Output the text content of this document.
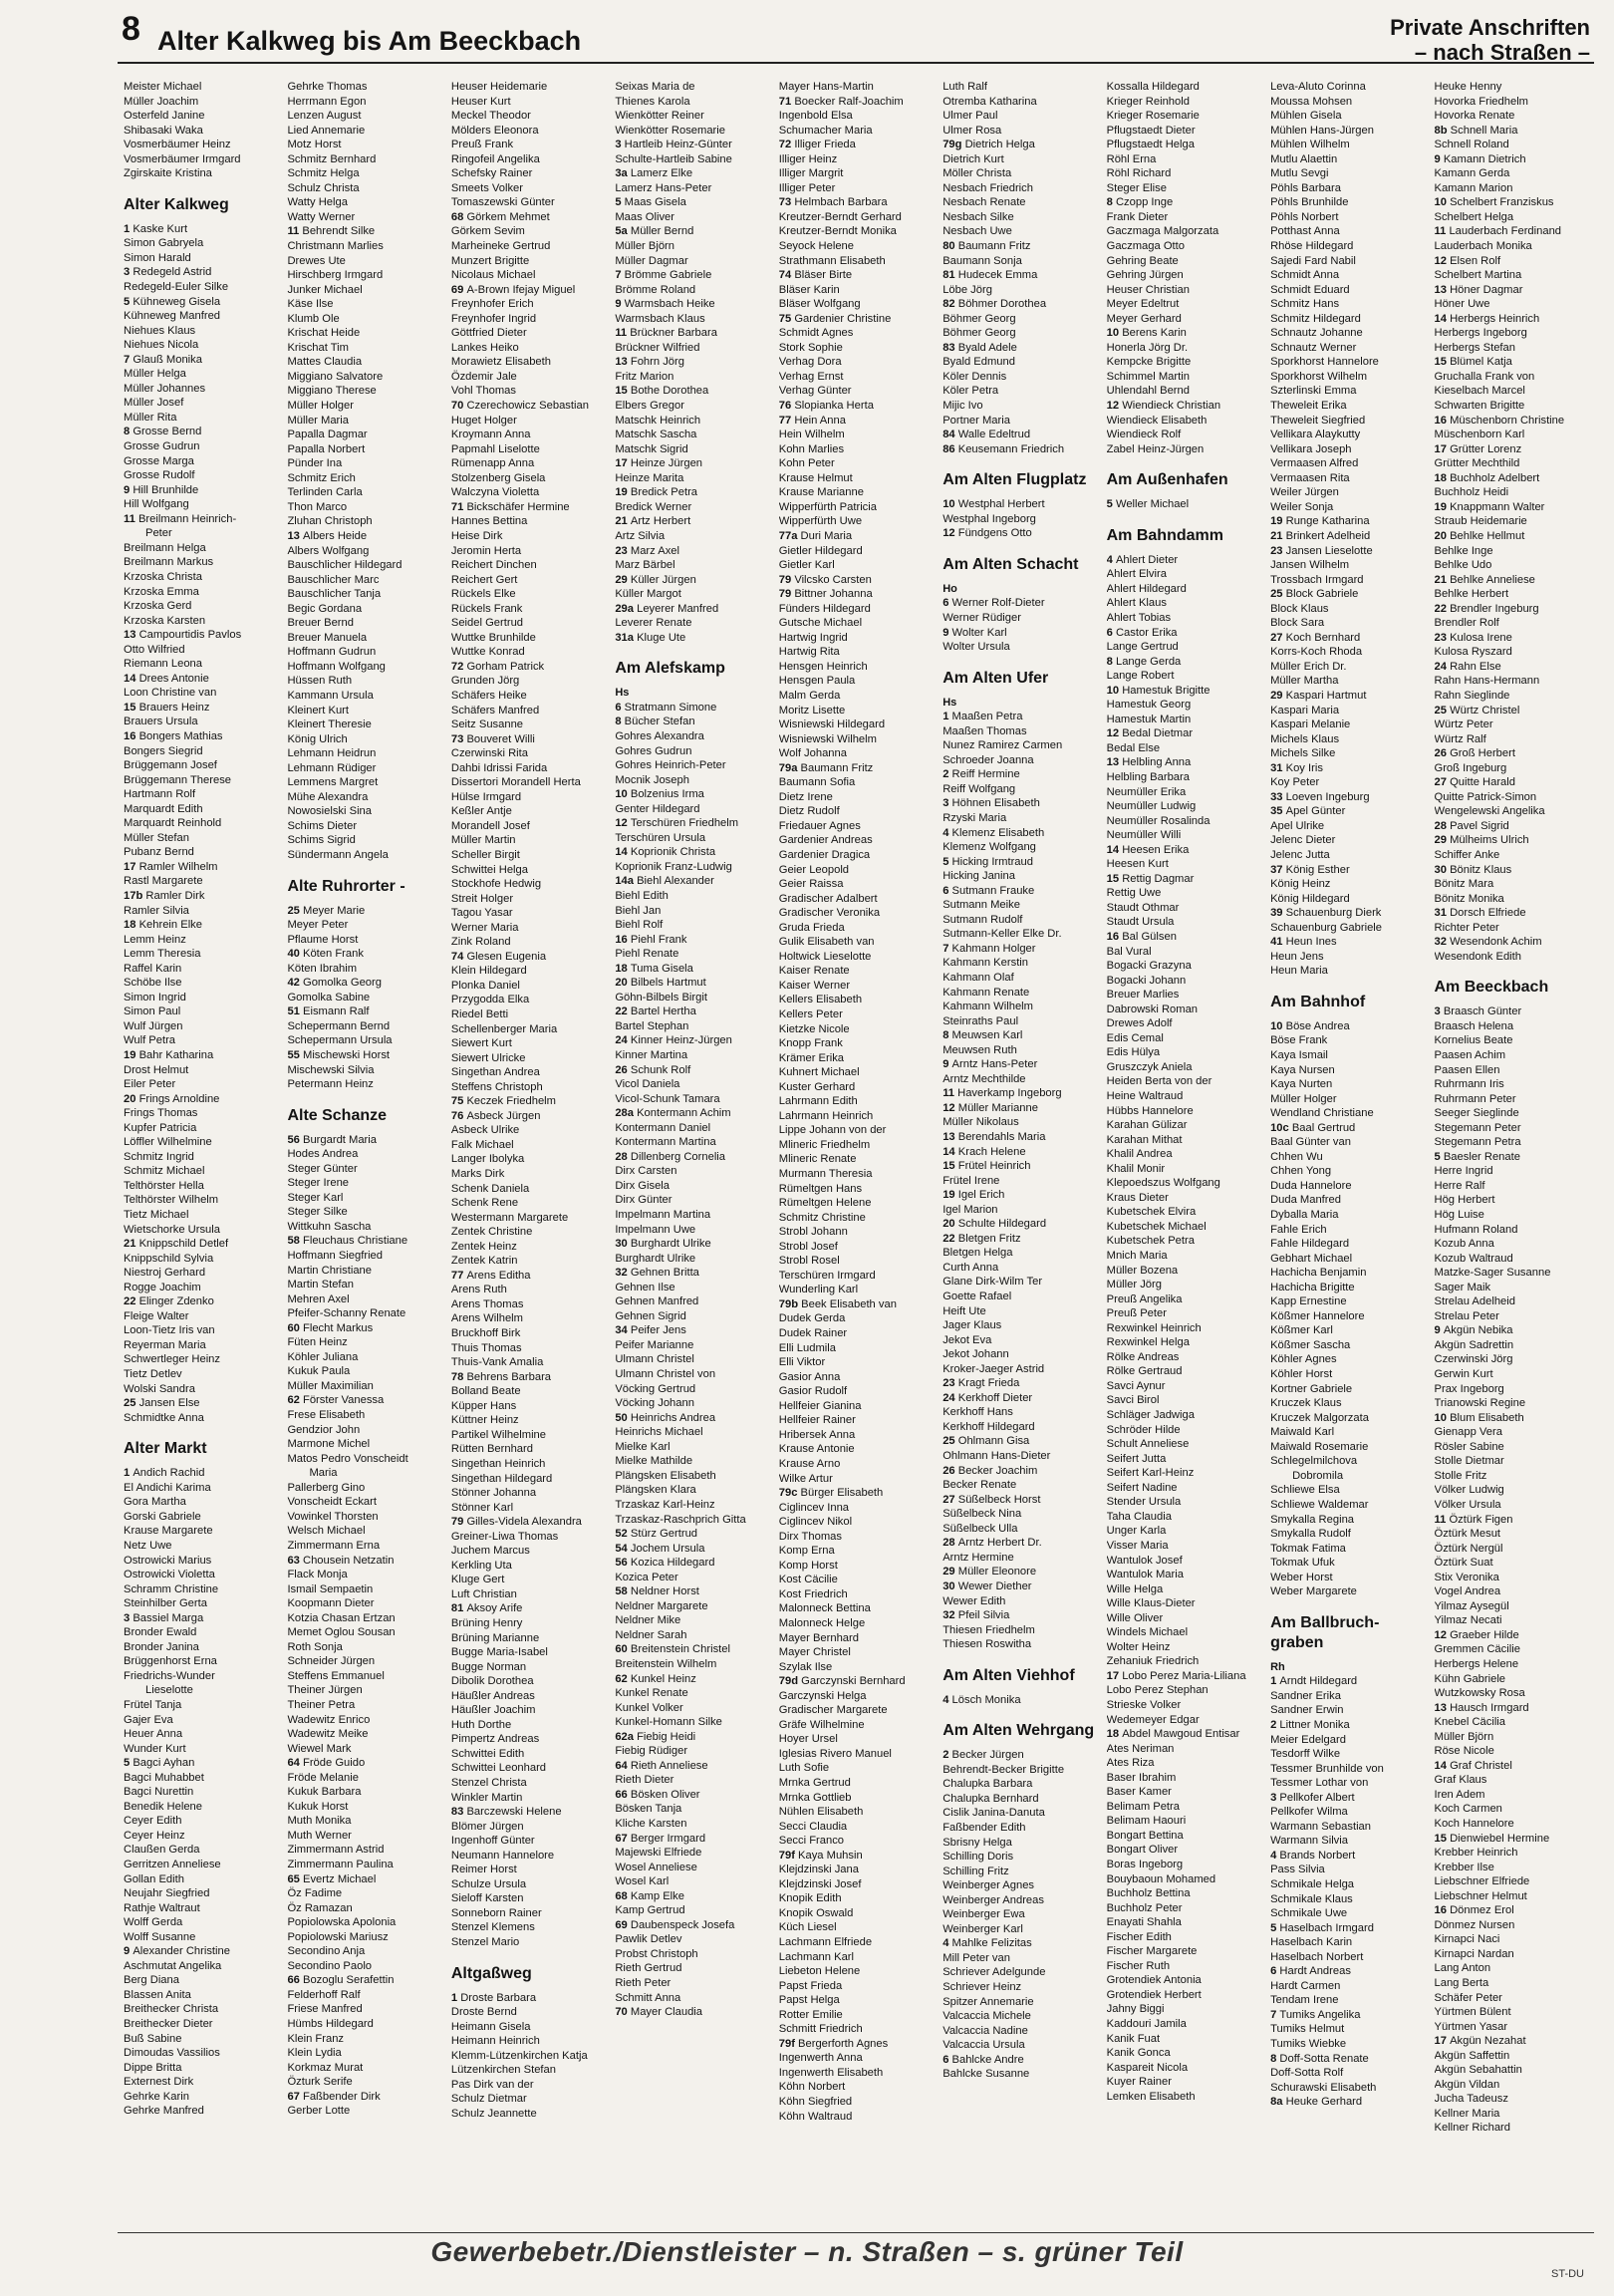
8 Alter Kalkweg bis Am Beeckbach	Private Anschriften
– nach Straßen –
Meister Michael
Müller Joachim
Osterfeld Janine
Shibasaki Waka
Vosmerbäumer Heinz
Vosmerbäumer Irmgard
Zgirskaite Kristina
Alter Kalkweg
1 Kaske Kurt
Simon Gabryela
Simon Harald
3 Redegeld Astrid
Redegeld-Euler Silke
5 Kühneweg Gisela
Kühneweg Manfred
Niehues Klaus
Niehues Nicola
7 Glauß Monika
Müller Helga
Müller Johannes
Müller Josef
Müller Rita
8 Grosse Bernd
Grosse Gudrun
Grosse Marga
Grosse Rudolf
9 Hill Brunhilde
Hill Wolfgang
11 Breilmann Heinrich-
Peter
Breilmann Helga
Breilmann Markus
Krzoska Christa
Krzoska Emma
Krzoska Gerd
Krzoska Karsten
13 Campourtidis Pavlos
Otto Wilfried
Riemann Leona
14 Drees Antonie
Loon Christine van
15 Brauers Heinz
Brauers Ursula
16 Bongers Mathias
Bongers Siegrid
Brüggemann Josef
Brüggemann Therese
Hartmann Rolf
Marquardt Edith
Marquardt Reinhold
Müller Stefan
Pubanz Bernd
17 Ramler Wilhelm
Rastl Margarete
17b Ramler Dirk
Ramler Silvia
18 Kehrein Elke
Lemm Heinz
Lemm Theresia
Raffel Karin
Schöbe Ilse
Simon Ingrid
Simon Paul
Wulf Jürgen
Wulf Petra
19 Bahr Katharina
Drost Helmut
Eiler Peter
20 Frings Arnoldine
Frings Thomas
Kupfer Patricia
Löffler Wilhelmine
Schmitz Ingrid
Schmitz Michael
Telthörster Hella
Telthörster Wilhelm
Tietz Michael
Wietschorke Ursula
21 Knippschild Detlef
Knippschild Sylvia
Niestroj Gerhard
Rogge Joachim
22 Elinger Zdenko
Fleige Walter
Loon-Tietz Iris van
Reyerman Maria
Schwertleger Heinz
Tietz Detlev
Wolski Sandra
25 Jansen Else
Schmidtke Anna
Alter Markt
1 Andich Rachid
El Andichi Karima
Gora Martha
Gorski Gabriele
Krause Margarete
Netz Uwe
Ostrowicki Marius
Ostrowicki Violetta
Schramm Christine
Steinhilber Gerta
3 Bassiel Marga
Bronder Ewald
Bronder Janina
Brüggenhorst Erna
Friedrichs-Wunder
Lieselotte
Frütel Tanja
Gajer Eva
Heuer Anna
Wunder Kurt
5 Bagci Ayhan
Bagci Muhabbet
Bagci Nurettin
Benedik Helene
Ceyer Edith
Ceyer Heinz
Claußen Gerda
Gerritzen Anneliese
Gollan Edith
Neujahr Siegfried
Rathje Waltraut
Wolff Gerda
Wolff Susanne
9 Alexander Christine
Aschmutat Angelika
Berg Diana
Blassen Anita
Breithecker Christa
Breithecker Dieter
Buß Sabine
Dimoudas Vassilios
Dippe Britta
Externest Dirk
Gehrke Karin
Gehrke Manfred
Gehrke Thomas
Herrmann Egon
Lenzen August
Lied Annemarie
Motz Horst
Schmitz Bernhard
Schmitz Helga
Schulz Christa
Watty Helga
Watty Werner
11 Behrendt Silke
Christmann Marlies
Drewes Ute
Hirschberg Irmgard
Junker Michael
Käse Ilse
Klumb Ole
Krischat Heide
Krischat Tim
Mattes Claudia
Miggiano Salvatore
Miggiano Therese
Müller Holger
Müller Maria
Papalla Dagmar
Papalla Norbert
Pünder Ina
Schmitz Erich
Terlinden Carla
Thon Marco
Zluhan Christoph
13 Albers Heide
Albers Wolfgang
Bauschlicher Hildegard
Bauschlicher Marc
Bauschlicher Tanja
Begic Gordana
Breuer Bernd
Breuer Manuela
Hoffmann Gudrun
Hoffmann Wolfgang
Hüssen Ruth
Kammann Ursula
Kleinert Kurt
Kleinert Theresie
König Ulrich
Lehmann Heidrun
Lehmann Rüdiger
Lemmens Margret
Mühe Alexandra
Nowosielski Sina
Schims Dieter
Schims Sigrid
Sündermann Angela
Alte Ruhrorter -
25 Meyer Marie
Meyer Peter
Pflaume Horst
40 Köten Frank
Köten Ibrahim
42 Gomolka Georg
Gomolka Sabine
51 Eismann Ralf
Schepermann Bernd
Schepermann Ursula
55 Mischewski Horst
Mischewski Silvia
Petermann Heinz
Alte Schanze
56 Burgardt Maria
Hodes Andrea
Steger Günter
Steger Irene
Steger Karl
Steger Silke
Wittkuhn Sascha
58 Fleuchaus Christiane
Hoffmann Siegfried
Martin Christiane
Martin Stefan
Mehren Axel
Pfeifer-Schanny Renate
60 Flecht Markus
Füten Heinz
Köhler Juliana
Kukuk Paula
Müller Maximilian
62 Förster Vanessa
Frese Elisabeth
Gendzior John
Marmone Michel
Matos Pedro Vonscheidt
Maria
Pallerberg Gino
Vonscheidt Eckart
Vowinkel Thorsten
Welsch Michael
Zimmermann Erna
63 Chousein Netzatin
Flack Monja
Ismail Sempaetin
Koopmann Dieter
Kotzia Chasan Ertzan
Memet Oglou Sousan
Roth Sonja
Schneider Jürgen
Steffens Emmanuel
Theiner Jürgen
Theiner Petra
Wadewitz Enrico
Wadewitz Meike
Wiewel Mark
64 Fröde Guido
Fröde Melanie
Kukuk Barbara
Kukuk Horst
Muth Monika
Muth Werner
Zimmermann Astrid
Zimmermann Paulina
65 Evertz Michael
Öz Fadime
Öz Ramazan
Popiolowska Apolonia
Popiolowski Mariusz
Secondino Anja
Secondino Paolo
66 Bozoglu Serafettin
Felderhoff Ralf
Friese Manfred
Hümbs Hildegard
Klein Franz
Klein Lydia
Korkmaz Murat
Özturk Serife
67 Faßbender Dirk
Gerber Lotte
Heuser Heidemarie
Heuser Kurt
Meckel Theodor
Mölders Eleonora
Preuß Frank
Ringofeil Angelika
Schefsky Rainer
Smeets Volker
Tomaszewski Günter
68 Görkem Mehmet
Görkem Sevim
Marheineke Gertrud
Munzert Brigitte
Nicolaus Michael
69 A-Brown Ifejay Miguel
Freynhofer Erich
Freynhofer Ingrid
Göttfried Dieter
Lankes Heiko
Morawietz Elisabeth
Özdemir Jale
Vohl Thomas
70 Czerechowicz Sebastian
Huget Holger
Kroymann Anna
Papmahl Liselotte
Rümenapp Anna
Stolzenberg Gisela
Walczyna Violetta
71 Bickschäfer Hermine
Hannes Bettina
Heise Dirk
Jeromin Herta
Reichert Dinchen
Reichert Gert
Rückels Elke
Rückels Frank
Seidel Gertrud
Wuttke Brunhilde
Wuttke Konrad
72 Gorham Patrick
Grunden Jörg
Schäfers Heike
Schäfers Manfred
Seitz Susanne
73 Bouveret Willi
Czerwinski Rita
Dahbi Idrissi Farida
Dissertori Morandell Herta
Hülse Irmgard
Keßler Antje
Morandell Josef
Müller Martin
Scheller Birgit
Schwittei Helga
Stockhofe Hedwig
Streit Holger
Tagou Yasar
Werner Maria
Zink Roland
74 Glesen Eugenia
Klein Hildegard
Plonka Daniel
Przygodda Elka
Riedel Betti
Schellenberger Maria
Siewert Kurt
Siewert Ulricke
Singethan Andrea
Steffens Christoph
75 Keczek Friedhelm
76 Asbeck Jürgen
Asbeck Ulrike
Falk Michael
Langer Ibolyka
Marks Dirk
Schenk Daniela
Schenk Rene
Westermann Margarete
Zentek Christine
Zentek Heinz
Zentek Katrin
77 Arens Editha
Arens Ruth
Arens Thomas
Arens Wilhelm
Bruckhoff Birk
Thuis Thomas
Thuis-Vank Amalia
78 Behrens Barbara
Bolland Beate
Küpper Hans
Küttner Heinz
Partikel Wilhelmine
Rütten Bernhard
Singethan Heinrich
Singethan Hildegard
Stönner Johanna
Stönner Karl
79 Gilles-Videla Alexandra
Greiner-Liwa Thomas
Juchem Marcus
Kerkling Uta
Kluge Gert
Luft Christian
81 Aksoy Arife
Brüning Henry
Brüning Marianne
Bugge Maria-Isabel
Bugge Norman
Dibolik Dorothea
Häußler Andreas
Häußler Joachim
Huth Dorthe
Pimpertz Andreas
Schwittei Edith
Schwittei Leonhard
Stenzel Christa
Winkler Martin
83 Barczewski Helene
Blömer Jürgen
Ingenhoff Günter
Neumann Hannelore
Reimer Horst
Schulze Ursula
Sieloff Karsten
Sonneborn Rainer
Stenzel Klemens
Stenzel Mario
Altgaßweg
1 Droste Barbara
Droste Bernd
Heimann Gisela
Heimann Heinrich
Klemm-Lützenkirchen Katja
Lützenkirchen Stefan
Pas Dirk van der
Schulz Dietmar
Schulz Jeannette
Seixas Maria de
Thienes Karola
Wienkötter Reiner
Wienkötter Rosemarie
3 Hartleib Heinz-Günter
Schulte-Hartleib Sabine
3a Lamerz Elke
Lamerz Hans-Peter
5 Maas Gisela
Maas Oliver
5a Müller Bernd
Müller Björn
Müller Dagmar
7 Brömme Gabriele
Brömme Roland
9 Warmsbach Heike
Warmsbach Klaus
11 Brückner Barbara
Brückner Wilfried
13 Fohrn Jörg
Fritz Marion
15 Bothe Dorothea
Elbers Gregor
Matschk Heinrich
Matschk Sascha
Matschk Sigrid
17 Heinze Jürgen
Heinze Marita
19 Bredick Petra
Bredick Werner
21 Artz Herbert
Artz Silvia
23 Marz Axel
Marz Bärbel
29 Küller Jürgen
Küller Margot
29a Leyerer Manfred
Leverer Renate
31a Kluge Ute
Am Alefskamp
Hs
6 Stratmann Simone
8 Bücher Stefan
Gohres Alexandra
Gohres Gudrun
Gohres Heinrich-Peter
Mocnik Joseph
10 Bolzenius Irma
Genter Hildegard
12 Terschüren Friedhelm
Terschüren Ursula
14 Koprionik Christa
Koprionik Franz-Ludwig
14a Biehl Alexander
Biehl Edith
Biehl Jan
Biehl Rolf
16 Piehl Frank
Piehl Renate
18 Tuma Gisela
20 Bilbels Hartmut
Göhn-Bilbels Birgit
22 Bartel Hertha
Bartel Stephan
24 Kinner Heinz-Jürgen
Kinner Martina
26 Schunk Rolf
Vicol Daniela
Vicol-Schunk Tamara
28a Kontermann Achim
Kontermann Daniel
Kontermann Martina
28 Dillenberg Cornelia
Dirx Carsten
Dirx Gisela
Dirx Günter
Impelmann Martina
Impelmann Uwe
30 Burghardt Ulrike
Burghardt Ulrike
32 Gehnen Britta
Gehnen Ilse
Gehnen Manfred
Gehnen Sigrid
34 Peifer Jens
Peifer Marianne
Ulmann Christel
Ulmann Christel von
Vöcking Gertrud
Vöcking Johann
50 Heinrichs Andrea
Heinrichs Michael
Mielke Karl
Mielke Mathilde
Plängsken Elisabeth
Plängsken Klara
Trzaskaz Karl-Heinz
Trzaskaz-Raschprich Gitta
52 Stürz Gertrud
54 Jochem Ursula
56 Kozica Hildegard
Kozica Peter
58 Neldner Horst
Neldner Margarete
Neldner Mike
Neldner Sarah
60 Breitenstein Christel
Breitenstein Wilhelm
62 Kunkel Heinz
Kunkel Renate
Kunkel Volker
Kunkel-Homann Silke
62a Fiebig Heidi
Fiebig Rüdiger
64 Rieth Anneliese
Rieth Dieter
66 Bösken Oliver
Bösken Tanja
Kliche Karsten
67 Berger Irmgard
Majewski Elfriede
Wosel Anneliese
Wosel Karl
68 Kamp Elke
Kamp Gertrud
69 Daubenspeck Josefa
Pawlik Detlev
Probst Christoph
Rieth Gertrud
Rieth Peter
Schmitt Anna
70 Mayer Claudia
Mayer Hans-Martin
71 Boecker Ralf-Joachim
Ingenbold Elsa
Schumacher Maria
72 Illiger Frieda
Illiger Heinz
Illiger Margrit
Illiger Peter
73 Helmbach Barbara
Kreutzer-Berndt Gerhard
Kreutzer-Berndt Monika
Seyock Helene
Strathmann Elisabeth
74 Bläser Birte
Bläser Karin
Bläser Wolfgang
75 Gardenier Christine
Schmidt Agnes
Stork Sophie
Verhag Dora
Verhag Ernst
Verhag Günter
76 Slopianka Herta
77 Hein Anna
Hein Wilhelm
Kohn Marlies
Kohn Peter
Krause Helmut
Krause Marianne
Wipperfürth Patricia
Wipperfürth Uwe
77a Duri Maria
Gietler Hildegard
Gietler Karl
79 Vilcsko Carsten
79 Bittner Johanna
Fünders Hildegard
Gutsche Michael
Hartwig Ingrid
Hartwig Rita
Hensgen Heinrich
Hensgen Paula
Malm Gerda
Moritz Lisette
Wisniewski Hildegard
Wisniewski Wilhelm
Wolf Johanna
79a Baumann Fritz
Baumann Sofia
Dietz Irene
Dietz Rudolf
Friedauer Agnes
Gardenier Andreas
Gardenier Dragica
Geier Leopold
Geier Raissa
Gradischer Adalbert
Gradischer Veronika
Gruda Frieda
Gulik Elisabeth van
Holtwick Lieselotte
Kaiser Renate
Kaiser Werner
Kellers Elisabeth
Kellers Peter
Kietzke Nicole
Knopp Frank
Krämer Erika
Kuhnert Michael
Kuster Gerhard
Lahrmann Edith
Lahrmann Heinrich
Lippe Johann von der
Mlineric Friedhelm
Mlineric Renate
Murmann Theresia
Rümeltgen Hans
Rümeltgen Helene
Schmitz Christine
Strobl Johann
Strobl Josef
Strobl Rosel
Terschüren Irmgard
Wunderling Karl
79b Beek Elisabeth van
Dudek Gerda
Dudek Rainer
Elli Ludmila
Elli Viktor
Gasior Anna
Gasior Rudolf
Hellfeier Gianina
Hellfeier Rainer
Hribersek Anna
Krause Antonie
Krause Arno
Wilke Artur
79c Bürger Elisabeth
Ciglincev Inna
Ciglincev Nikol
Dirx Thomas
Komp Erna
Komp Horst
Kost Cäcilie
Kost Friedrich
Malonneck Bettina
Malonneck Helge
Mayer Bernhard
Mayer Christel
Szylak Ilse
79d Garczynski Bernhard
Garczynski Helga
Gradischer Margarete
Gräfe Wilhelmine
Hoyer Ursel
Iglesias Rivero Manuel
Luth Sofie
Mrnka Gertrud
Mrnka Gottlieb
Nühlen Elisabeth
Secci Claudia
Secci Franco
79f Kaya Muhsin
Klejdzinski Jana
Klejdzinski Josef
Knopik Edith
Knopik Oswald
Küch Liesel
Lachmann Elfriede
Lachmann Karl
Liebeton Helene
Papst Frieda
Papst Helga
Rotter Emilie
Schmitt Friedrich
79f Bergerforth Agnes
Ingenwerth Anna
Ingenwerth Elisabeth
Köhn Norbert
Köhn Siegfried
Köhn Waltraud
Luth Ralf
Otremba Katharina
Ulmer Paul
Ulmer Rosa
79g Dietrich Helga
Dietrich Kurt
Möller Christa
Nesbach Friedrich
Nesbach Renate
Nesbach Silke
Nesbach Uwe
80 Baumann Fritz
Baumann Sonja
81 Hudecek Emma
Löbe Jörg
82 Böhmer Dorothea
Böhmer Georg
Böhmer Georg
83 Byald Adele
Byald Edmund
Köler Dennis
Köler Petra
Mijic Ivo
Portner Maria
84 Walle Edeltrud
86 Keusemann Friedrich
Am Alten Flugplatz
10 Westphal Herbert
Westphal Ingeborg
12 Fündgens Otto
Am Alten Schacht
Ho
6 Werner Rolf-Dieter
Werner Rüdiger
9 Wolter Karl
Wolter Ursula
Am Alten Ufer
Hs
1 Maaßen Petra
Maaßen Thomas
Nunez Ramirez Carmen
Schroeder Joanna
2 Reiff Hermine
Reiff Wolfgang
3 Höhnen Elisabeth
Rzyski Maria
4 Klemenz Elisabeth
Klemenz Wolfgang
5 Hicking Irmtraud
Hicking Janina
6 Sutmann Frauke
Sutmann Meike
Sutmann Rudolf
Sutmann-Keller Elke Dr.
7 Kahmann Holger
Kahmann Kerstin
Kahmann Olaf
Kahmann Renate
Kahmann Wilhelm
Steinraths Paul
8 Meuwsen Karl
Meuwsen Ruth
9 Arntz Hans-Peter
Arntz Mechthilde
11 Haverkamp Ingeborg
12 Müller Marianne
Müller Nikolaus
13 Berendahls Maria
14 Krach Helene
15 Frütel Heinrich
Frütel Irene
19 Igel Erich
Igel Marion
20 Schulte Hildegard
22 Bletgen Fritz
Bletgen Helga
Curth Anna
Glane Dirk-Wilm Ter
Goette Rafael
Heift Ute
Jager Klaus
Jekot Eva
Jekot Johann
Kroker-Jaeger Astrid
23 Kragt Frieda
24 Kerkhoff Dieter
Kerkhoff Hans
Kerkhoff Hildegard
25 Ohlmann Gisa
Ohlmann Hans-Dieter
26 Becker Joachim
Becker Renate
27 Süßelbeck Horst
Süßelbeck Nina
Süßelbeck Ulla
28 Arntz Herbert Dr.
Arntz Hermine
29 Müller Eleonore
30 Wewer Diether
Wewer Edith
32 Pfeil Silvia
Thiesen Friedhelm
Thiesen Roswitha
Am Alten Viehhof
4 Lösch Monika
Am Alten Wehrgang
2 Becker Jürgen
Behrendt-Becker Brigitte
Chalupka Barbara
Chalupka Bernhard
Cislik Janina-Danuta
Faßbender Edith
Sbrisny Helga
Schilling Doris
Schilling Fritz
Weinberger Agnes
Weinberger Andreas
Weinberger Ewa
Weinberger Karl
4 Mahlke Felizitas
Mill Peter van
Schriever Adelgunde
Schriever Heinz
Spitzer Annemarie
Valcaccia Michele
Valcaccia Nadine
Valcaccia Ursula
6 Bahlcke Andre
Bahlcke Susanne
Kossalla Hildegard
Krieger Reinhold
Krieger Rosemarie
Pflugstaedt Dieter
Pflugstaedt Helga
Röhl Erna
Röhl Richard
Steger Elise
8 Czopp Inge
Frank Dieter
Gaczmaga Malgorzata
Gaczmaga Otto
Gehring Beate
Gehring Jürgen
Heuser Christian
Meyer Edeltrut
Meyer Gerhard
10 Berens Karin
Honerla Jörg Dr.
Kempcke Brigitte
Schimmel Martin
Uhlendahl Bernd
12 Wiendieck Christian
Wiendieck Elisabeth
Wiendieck Rolf
Zabel Heinz-Jürgen
Am Außenhafen
5 Weller Michael
Am Bahndamm
4 Ahlert Dieter
Ahlert Elvira
Ahlert Hildegard
Ahlert Klaus
Ahlert Tobias
6 Castor Erika
Lange Gertrud
8 Lange Gerda
Lange Robert
10 Hamestuk Brigitte
Hamestuk Georg
Hamestuk Martin
12 Bedal Dietmar
Bedal Else
13 Helbling Anna
Helbling Barbara
Neumüller Erika
Neumüller Ludwig
Neumüller Rosalinda
Neumüller Willi
14 Heesen Erika
Heesen Kurt
15 Rettig Dagmar
Rettig Uwe
Staudt Othmar
Staudt Ursula
16 Bal Gülsen
Bal Vural
Bogacki Grazyna
Bogacki Johann
Breuer Marlies
Dabrowski Roman
Drewes Adolf
Edis Cemal
Edis Hülya
Gruszczyk Aniela
Heiden Berta von der
Heine Waltraud
Hübbs Hannelore
Karahan Gülizar
Karahan Mithat
Khalil Andrea
Khalil Monir
Klepoedszus Wolfgang
Kraus Dieter
Kubetschek Elvira
Kubetschek Michael
Kubetschek Petra
Mnich Maria
Müller Bozena
Müller Jörg
Preuß Angelika
Preuß Peter
Rexwinkel Heinrich
Rexwinkel Helga
Rölke Andreas
Rölke Gertraud
Savci Aynur
Savci Birol
Schläger Jadwiga
Schröder Hilde
Schult Anneliese
Seifert Jutta
Seifert Karl-Heinz
Seifert Nadine
Stender Ursula
Taha Claudia
Unger Karla
Visser Maria
Wantulok Josef
Wantulok Maria
Wille Helga
Wille Klaus-Dieter
Wille Oliver
Windels Michael
Wolter Heinz
Zehaniuk Friedrich
17 Lobo Perez Maria-Liliana
Lobo Perez Stephan
Strieske Volker
Wedemeyer Edgar
18 Abdel Mawgoud Entisar
Ates Neriman
Ates Riza
Baser Ibrahim
Baser Kamer
Belimam Petra
Belimam Haouri
Bongart Bettina
Bongart Oliver
Boras Ingeborg
Bouybaoun Mohamed
Buchholz Bettina
Buchholz Peter
Enayati Shahla
Fischer Edith
Fischer Margarete
Fischer Ruth
Grotendiek Antonia
Grotendiek Herbert
Jahny Biggi
Kaddouri Jamila
Kanik Fuat
Kanik Gonca
Kaspareit Nicola
Kuyer Rainer
Lemken Elisabeth
Leva-Aluto Corinna
Moussa Mohsen
Mühlen Gisela
Mühlen Hans-Jürgen
Mühlen Wilhelm
Mutlu Alaettin
Mutlu Sevgi
Pöhls Barbara
Pöhls Brunhilde
Pöhls Norbert
Potthast Anna
Rhöse Hildegard
Sajedi Fard Nabil
Schmidt Anna
Schmidt Eduard
Schmitz Hans
Schmitz Hildegard
Schnautz Johanne
Schnautz Werner
Sporkhorst Hannelore
Sporkhorst Wilhelm
Szterlinski Emma
Theweleit Erika
Theweleit Siegfried
Vellikara Alaykutty
Vellikara Joseph
Vermaasen Alfred
Vermaasen Rita
Weiler Jürgen
Weiler Sonja
19 Runge Katharina
21 Brinkert Adelheid
23 Jansen Lieselotte
Jansen Wilhelm
Trossbach Irmgard
25 Block Gabriele
Block Klaus
Block Sara
27 Koch Bernhard
Korrs-Koch Rhoda
Müller Erich Dr.
Müller Martha
29 Kaspari Hartmut
Kaspari Maria
Kaspari Melanie
Michels Klaus
Michels Silke
31 Koy Iris
Koy Peter
33 Loeven Ingeburg
35 Apel Günter
Apel Ulrike
Jelenc Dieter
Jelenc Jutta
37 König Esther
König Heinz
König Hildegard
39 Schauenburg Dierk
Schauenburg Gabriele
41 Heun Ines
Heun Jens
Heun Maria
Am Bahnhof
10 Böse Andrea
Böse Frank
Kaya Ismail
Kaya Nursen
Kaya Nurten
Müller Holger
Wendland Christiane
10c Baal Gertrud
Baal Günter van
Chhen Wu
Chhen Yong
Duda Hannelore
Duda Manfred
Dyballa Maria
Fahle Erich
Fahle Hildegard
Gebhart Michael
Hachicha Benjamin
Hachicha Brigitte
Kapp Ernestine
Kößmer Hannelore
Kößmer Karl
Kößmer Sascha
Köhler Agnes
Köhler Horst
Kortner Gabriele
Kruczek Klaus
Kruczek Malgorzata
Maiwald Karl
Maiwald Rosemarie
Schlegelmilchova
Dobromila
Schliewe Elsa
Schliewe Waldemar
Smykalla Regina
Smykalla Rudolf
Tokmak Fatima
Tokmak Ufuk
Weber Horst
Weber Margarete
Am Ballbruch-graben
Rh
1 Arndt Hildegard
Sandner Erika
Sandner Erwin
2 Littner Monika
Meier Edelgard
Tesdorff Wilke
Tessmer Brunhilde von
Tessmer Lothar von
3 Pellkofer Albert
Pellkofer Wilma
Warmann Sebastian
Warmann Silvia
4 Brands Norbert
Pass Silvia
Schmikale Helga
Schmikale Klaus
Schmikale Uwe
5 Haselbach Irmgard
Haselbach Karin
Haselbach Norbert
6 Hardt Andreas
Hardt Carmen
Tendam Irene
7 Tumiks Angelika
Tumiks Helmut
Tumiks Wiebke
8 Doff-Sotta Renate
Doff-Sotta Rolf
Schurawski Elisabeth
8a Heuke Gerhard
Heuke Henny
Hovorka Friedhelm
Hovorka Renate
8b Schnell Maria
Schnell Roland
9 Kamann Dietrich
Kamann Gerda
Kamann Marion
10 Schelbert Franziskus
Schelbert Helga
11 Lauderbach Ferdinand
Lauderbach Monika
12 Elsen Rolf
Schelbert Martina
13 Höner Dagmar
Höner Uwe
14 Herbergs Heinrich
Herbergs Ingeborg
Herbergs Stefan
15 Blümel Katja
Gruchalla Frank von
Kieselbach Marcel
Schwarten Brigitte
16 Müschenborn Christine
Müschenborn Karl
17 Grütter Lorenz
Grütter Mechthild
18 Buchholz Adelbert
Buchholz Heidi
19 Knappmann Walter
Straub Heidemarie
20 Behlke Hellmut
Behlke Inge
Behlke Udo
21 Behlke Anneliese
Behlke Herbert
22 Brendler Ingeburg
Brendler Rolf
23 Kulosa Irene
Kulosa Ryszard
24 Rahn Else
Rahn Hans-Hermann
Rahn Sieglinde
25 Würtz Christel
Würtz Peter
Würtz Ralf
26 Groß Herbert
Groß Ingeburg
27 Quitte Harald
Quitte Patrick-Simon
Wengelewski Angelika
28 Pavel Sigrid
29 Mülheims Ulrich
Schiffer Anke
30 Bönitz Klaus
Bönitz Mara
Bönitz Monika
31 Dorsch Elfriede
Richter Peter
32 Wesendonk Achim
Wesendonk Edith
Am Beeckbach
3 Braasch Günter
Braasch Helena
Kornelius Beate
Paasen Achim
Paasen Ellen
Ruhrmann Iris
Ruhrmann Peter
Seeger Sieglinde
Stegemann Peter
Stegemann Petra
5 Baesler Renate
Herre Ingrid
Herre Ralf
Hög Herbert
Hög Luise
Hufmann Roland
Kozub Anna
Kozub Waltraud
Matzke-Sager Susanne
Sager Maik
Strelau Adelheid
Strelau Peter
9 Akgün Nebika
Akgün Sadrettin
Czerwinski Jörg
Gerwin Kurt
Prax Ingeborg
Trianowski Regine
10 Blum Elisabeth
Gienapp Vera
Rösler Sabine
Stolle Dietmar
Stolle Fritz
Völker Ludwig
Völker Ursula
11 Öztürk Figen
Öztürk Mesut
Öztürk Nergül
Öztürk Suat
Stix Veronika
Vogel Andrea
Yilmaz Aysegül
Yilmaz Necati
12 Graeber Hilde
Gremmen Cäcilie
Herbergs Helene
Kühn Gabriele
Wutzkowsky Rosa
13 Hausch Irmgard
Knebel Cäcilia
Müller Björn
Röse Nicole
14 Graf Christel
Graf Klaus
Iren Adem
Koch Carmen
Koch Hannelore
15 Dienwiebel Hermine
Krebber Heinrich
Krebber Ilse
Liebschner Elfriede
Liebschner Helmut
16 Dönmez Erol
Dönmez Nursen
Kirnapci Naci
Kirnapci Nardan
Lang Anton
Lang Berta
Schäfer Peter
Yürtmen Bülent
Yürtmen Yasar
17 Akgün Nezahat
Akgün Saffettin
Akgün Sebahattin
Akgün Vildan
Jucha Tadeusz
Kellner Maria
Kellner Richard
Gewerbebetr./Dienstleister – n. Straßen – s. grüner Teil
ST-DU
